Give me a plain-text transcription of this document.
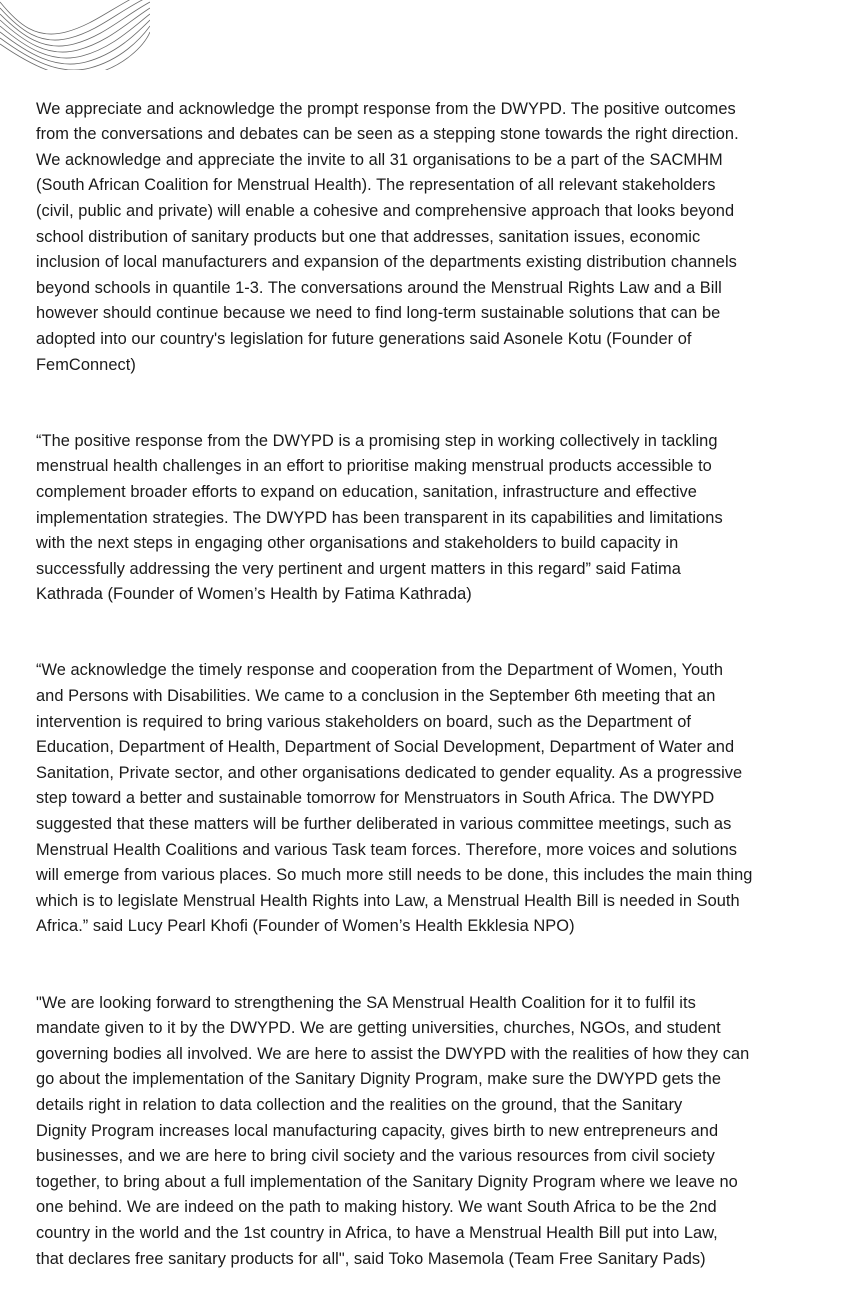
We appreciate and acknowledge the prompt response from the DWYPD. The positive outcomes
from the conversations and debates can be seen as a stepping stone towards the right direction.
We acknowledge and appreciate the invite to all 31 organisations to be a part of the SACMHM
(South African Coalition for Menstrual Health). The representation of all relevant stakeholders
(civil, public and private) will enable a cohesive and comprehensive approach that looks beyond
school distribution of sanitary products but one that addresses, sanitation issues, economic
inclusion of local manufacturers and expansion of the departments existing distribution channels
beyond schools in quantile 1-3. The conversations around the Menstrual Rights Law and a Bill
however should continue because we need to find long-term sustainable solutions that can be
adopted into our country's legislation for future generations said Asonele Kotu (Founder of
FemConnect)

“The positive response from the DWYPD is a promising step in working collectively in tackling
menstrual health challenges in an effort to prioritise making menstrual products accessible to
complement broader efforts to expand on education, sanitation, infrastructure and effective
implementation strategies. The DWYPD has been transparent in its capabilities and limitations
with the next steps in engaging other organisations and stakeholders to build capacity in
successfully addressing the very pertinent and urgent matters in this regard” said Fatima
Kathrada (Founder of Women’s Health by Fatima Kathrada)

“We acknowledge the timely response and cooperation from the Department of Women, Youth
and Persons with Disabilities. We came to a conclusion in the September 6th meeting that an
intervention is required to bring various stakeholders on board, such as the Department of
Education, Department of Health, Department of Social Development, Department of Water and
Sanitation, Private sector, and other organisations dedicated to gender equality. As a progressive
step toward a better and sustainable tomorrow for Menstruators in South Africa. The DWYPD
suggested that these matters will be further deliberated in various committee meetings, such as
Menstrual Health Coalitions and various Task team forces. Therefore, more voices and solutions
will emerge from various places. So much more still needs to be done, this includes the main thing
which is to legislate Menstrual Health Rights into Law, a Menstrual Health Bill is needed in South
Africa.” said Lucy Pearl Khofi (Founder of Women’s Health Ekklesia NPO)

"We are looking forward to strengthening the SA Menstrual Health Coalition for it to fulfil its
mandate given to it by the DWYPD. We are getting universities, churches, NGOs, and student
governing bodies all involved. We are here to assist the DWYPD with the realities of how they can
go about the implementation of the Sanitary Dignity Program, make sure the DWYPD gets the
details right in relation to data collection and the realities on the ground, that the Sanitary
Dignity Program increases local manufacturing capacity, gives birth to new entrepreneurs and
businesses, and we are here to bring civil society and the various resources from civil society
together, to bring about a full implementation of the Sanitary Dignity Program where we leave no
one behind. We are indeed on the path to making history. We want South Africa to be the 2nd
country in the world and the 1st country in Africa, to have a Menstrual Health Bill put into Law,
that declares free sanitary products for all", said Toko Masemola (Team Free Sanitary Pads)
